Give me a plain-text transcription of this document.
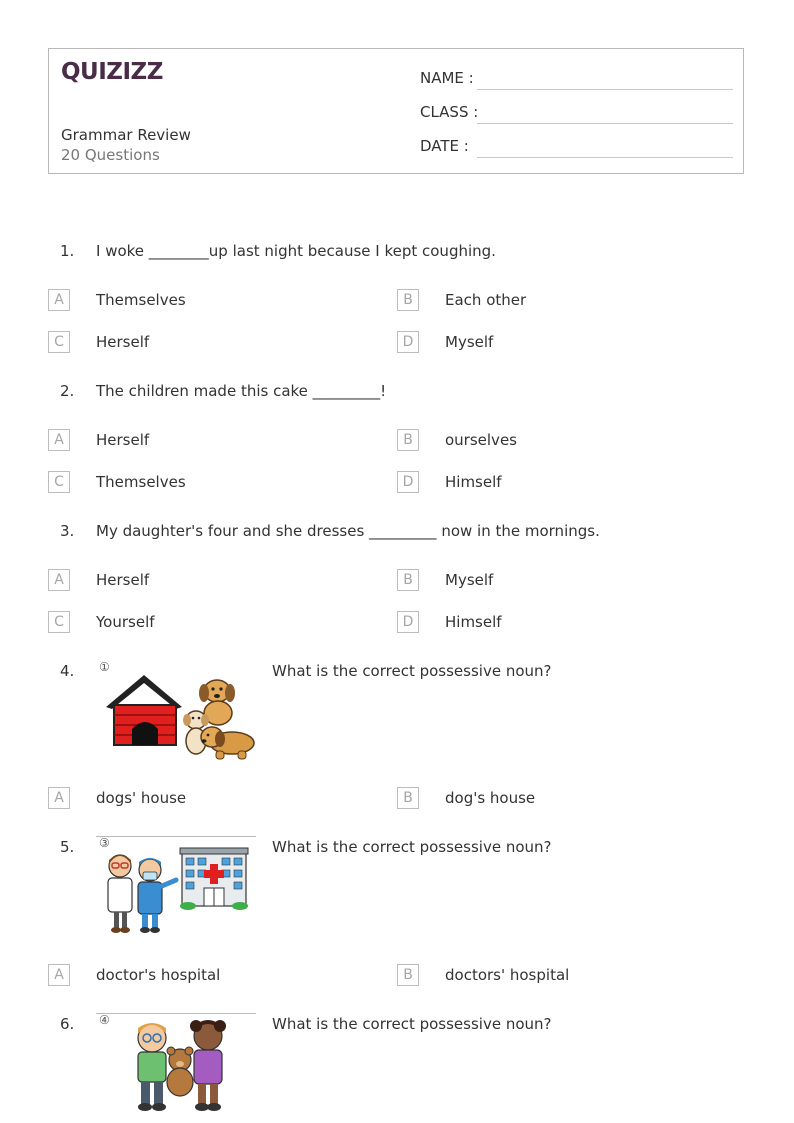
QUIZIZZ
Grammar Review
20 Questions
NAME :
CLASS :
DATE :
1. I woke ________up last night because I kept coughing.
A	Themselves	B	Each other
C	Herself	D	Myself
2. The children made this cake _________!
A	Herself	B	ourselves
C	Themselves	D	Himself
3. My daughter's four and she dresses _________ now in the mornings.
A	Herself	B	Myself
C	Yourself	D	Himself
4. ①	What is the correct possessive noun?
A	dogs' house	B	dog's house
5. ③	What is the correct possessive noun?
A	doctor's hospital	B	doctors' hospital
6. ④	What is the correct possessive noun?
